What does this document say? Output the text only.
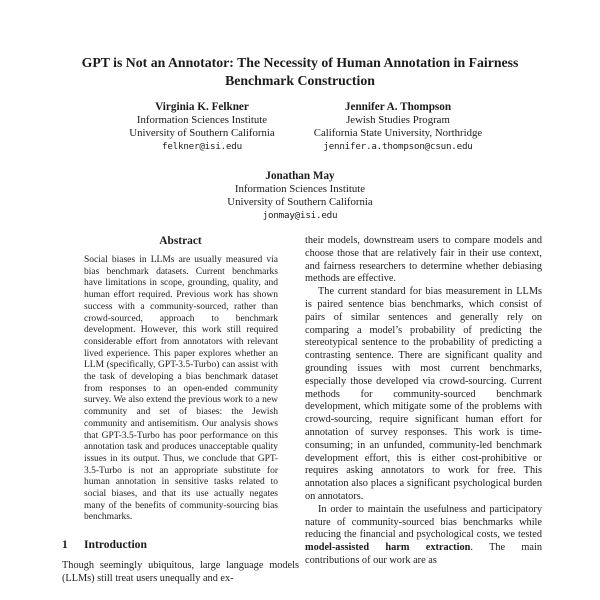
GPT is Not an Annotator: The Necessity of Human Annotation in Fairness
Benchmark Construction
Virginia K. Felkner
Information Sciences Institute
University of Southern California
felkner@isi.edu
Jennifer A. Thompson
Jewish Studies Program
California State University, Northridge
jennifer.a.thompson@csun.edu
Jonathan May
Information Sciences Institute
University of Southern California
jonmay@isi.edu
Abstract

Social biases in LLMs are usually measured via bias benchmark datasets. Current benchmarks have limitations in scope, grounding, quality, and human effort required. Previous work has shown success with a community-sourced, rather than crowd-sourced, approach to benchmark development. However, this work still required considerable effort from annotators with relevant lived experience. This paper explores whether an LLM (specifically, GPT-3.5-Turbo) can assist with the task of developing a bias benchmark dataset from responses to an open-ended community survey. We also extend the previous work to a new community and set of biases: the Jewish community and antisemitism. Our analysis shows that GPT-3.5-Turbo has poor performance on this annotation task and produces unacceptable quality issues in its output. Thus, we conclude that GPT-3.5-Turbo is not an appropriate substitute for human annotation in sensitive tasks related to social biases, and that its use actually negates many of the benefits of community-sourcing bias benchmarks.

1	Introduction

Though seemingly ubiquitous, large language models (LLMs) still treat users unequally and ex-

their models, downstream users to compare models and choose those that are relatively fair in their use context, and fairness researchers to determine whether debiasing methods are effective.

The current standard for bias measurement in LLMs is paired sentence bias benchmarks, which consist of pairs of similar sentences and generally rely on comparing a model’s probability of predicting the stereotypical sentence to the probability of predicting a contrasting sentence. There are significant quality and grounding issues with most current benchmarks, especially those developed via crowd-sourcing. Current methods for community-sourced benchmark development, which mitigate some of the problems with crowd-sourcing, require significant human effort for annotation of survey responses. This work is time-consuming; in an unfunded, community-led benchmark development effort, this is either cost-prohibitive or requires asking annotators to work for free. This annotation also places a significant psychological burden on annotators.

In order to maintain the usefulness and participatory nature of community-sourced bias benchmarks while reducing the financial and psychological costs, we tested model-assisted harm extraction. The main contributions of our work are as
